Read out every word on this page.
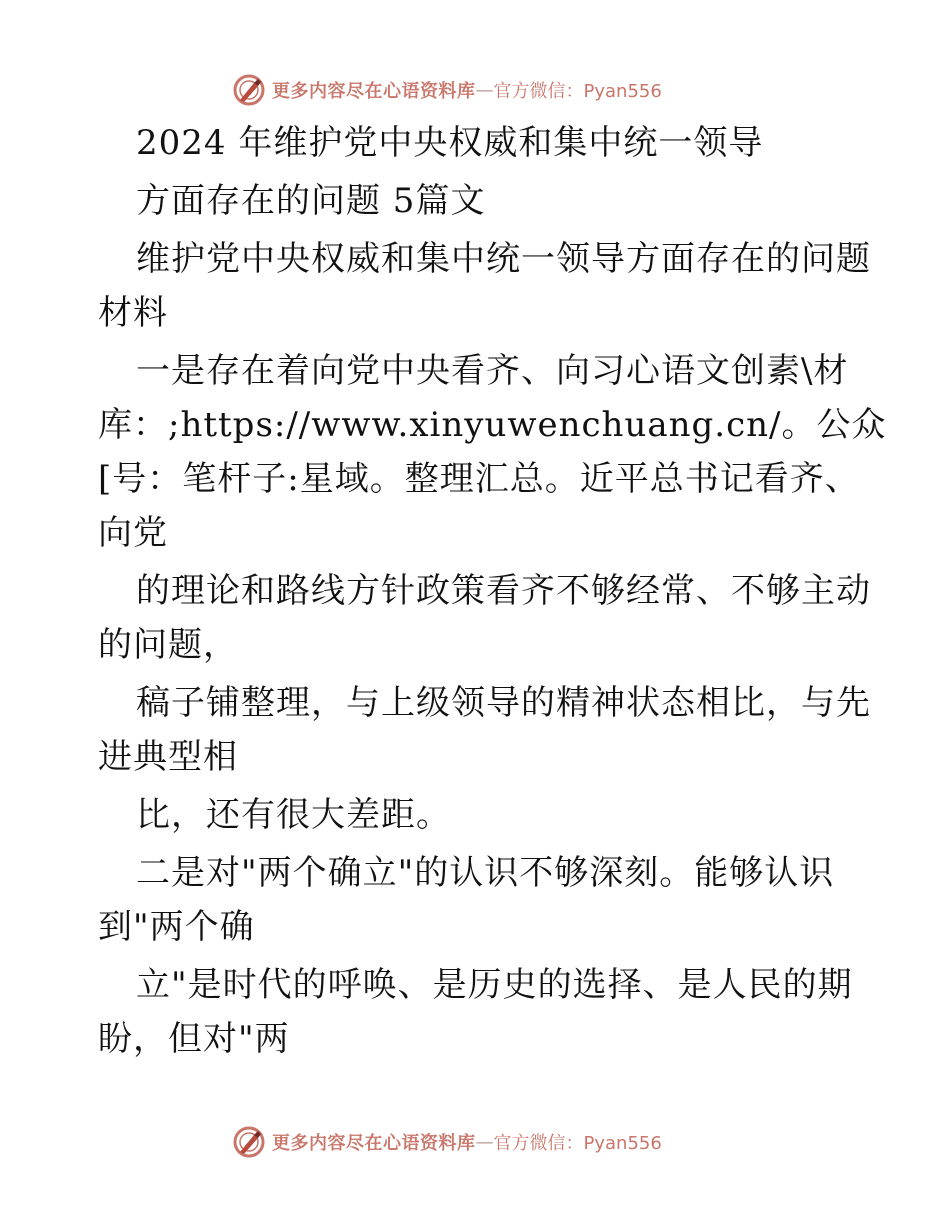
更多内容尽在心语资料库 — 官方微信：Pyan556
2024 年维护党中央权威和集中统一领导
方面存在的问题 5篇文
维护党中央权威和集中统一领导方面存在的问题
材料
一是存在着向党中央看齐、向习心语文创素\材
库：;https://www.xinyuwenchuang.cn/。公众
[号：笔杆子:星域。整理汇总。近平总书记看齐、
向党
的理论和路线方针政策看齐不够经常、不够主动
的问题，
稿子铺整理，与上级领导的精神状态相比，与先
进典型相
比，还有很大差距。
二是对"两个确立"的认识不够深刻。能够认识
到"两个确
立"是时代的呼唤、是历史的选择、是人民的期
盼，但对"两
更多内容尽在心语资料库 — 官方微信：Pyan556
